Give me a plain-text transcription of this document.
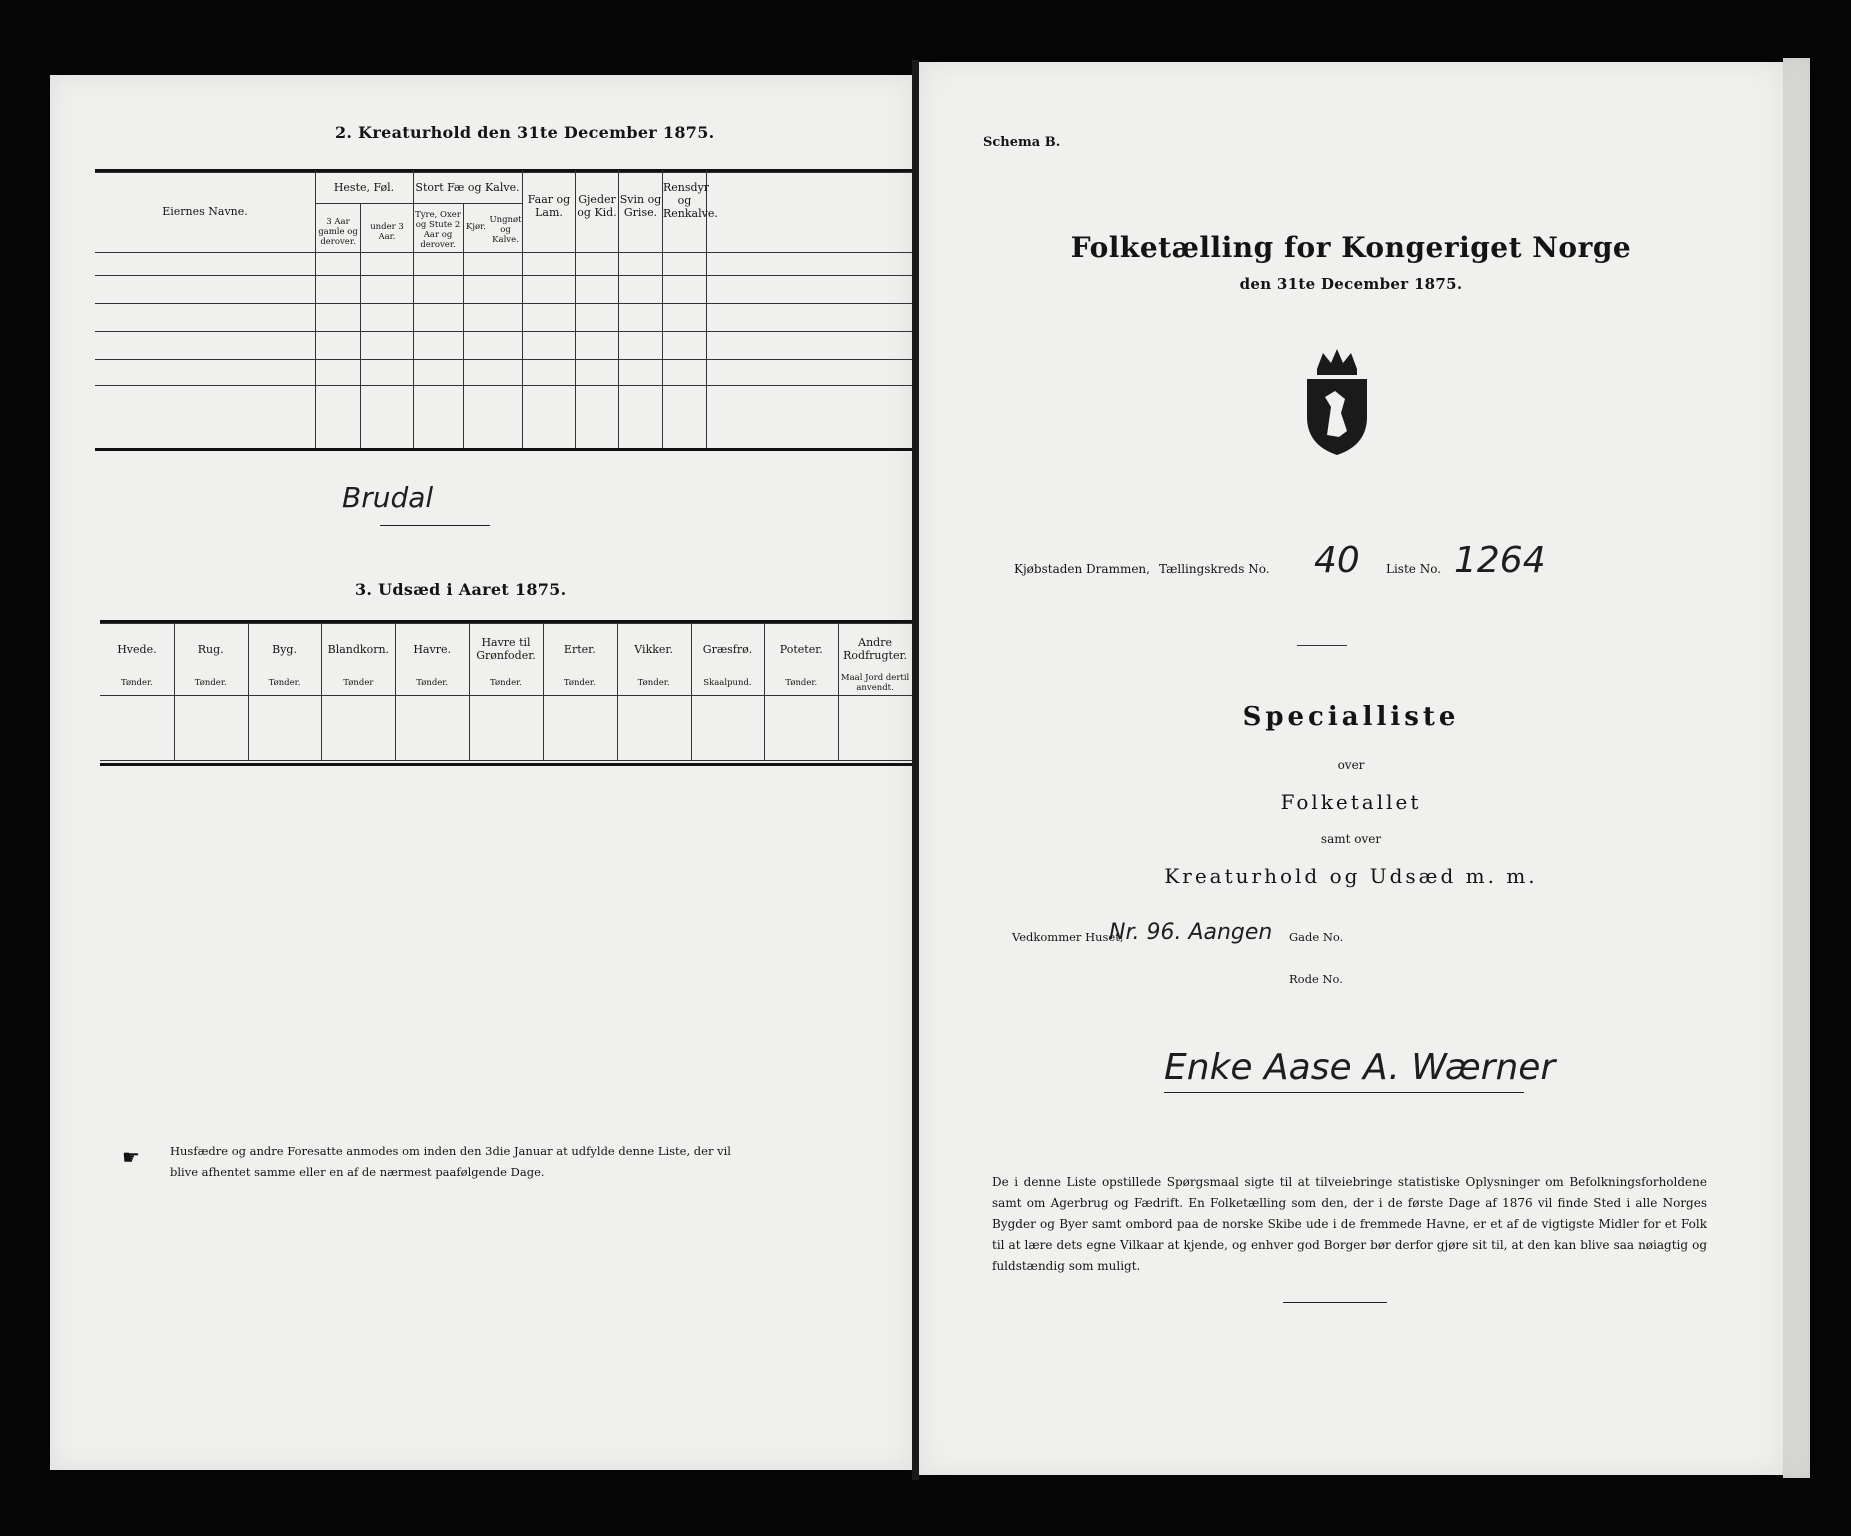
2. Kreaturhold den 31te December 1875.
Eiernes Navne.
Heste, Føl.	Stort Fæ og Kalve.
3 Aar gamle og derover.
under 3 Aar.
Tyre, Oxer og Stute 2 Aar og derover.
Kjør.
Ungnøt og Kalve.
Faar og Lam.
Gjeder og Kid.
Svin og Grise.
Rensdyr og Renkalve.
Brudal
3. Udsæd i Aaret 1875.
Hvede.
Tønder.
Rug.
Tønder.
Byg.
Tønder.
Blandkorn.
Tønder
Havre.
Tønder.
Havre til Grønfoder.
Tønder.
Erter.
Tønder.
Vikker.
Tønder.
Græsfrø.
Skaalpund.
Poteter.
Tønder.
Andre Rodfrugter.
Maal Jord dertil anvendt.
☛	Husfædre og andre Foresatte anmodes om inden den 3die Januar at udfylde denne Liste, der vil blive afhentet samme eller en af de nærmest paafølgende Dage.
Schema B.
Folketælling for Kongeriget Norge
den 31te December 1875.
Kjøbstaden Drammen, Tællingskreds No. 40 Liste No. 1264
Specialliste
over
Folketallet
samt over
Kreaturhold og Udsæd m. m.
Vedkommer Huset,
Nr. 96. Aangen Gade No.
Rode No.
Enke Aase A. Wærner
De i denne Liste opstillede Spørgsmaal sigte til at tilveiebringe statistiske Oplysninger om Befolkningsforholdene samt om Agerbrug og Fædrift. En Folketælling som den, der i de første Dage af 1876 vil finde Sted i alle Norges Bygder og Byer samt ombord paa de norske Skibe ude i de fremmede Havne, er et af de vigtigste Midler for et Folk til at lære dets egne Vilkaar at kjende, og enhver god Borger bør derfor gjøre sit til, at den kan blive saa nøiagtig og fuldstændig som muligt.
